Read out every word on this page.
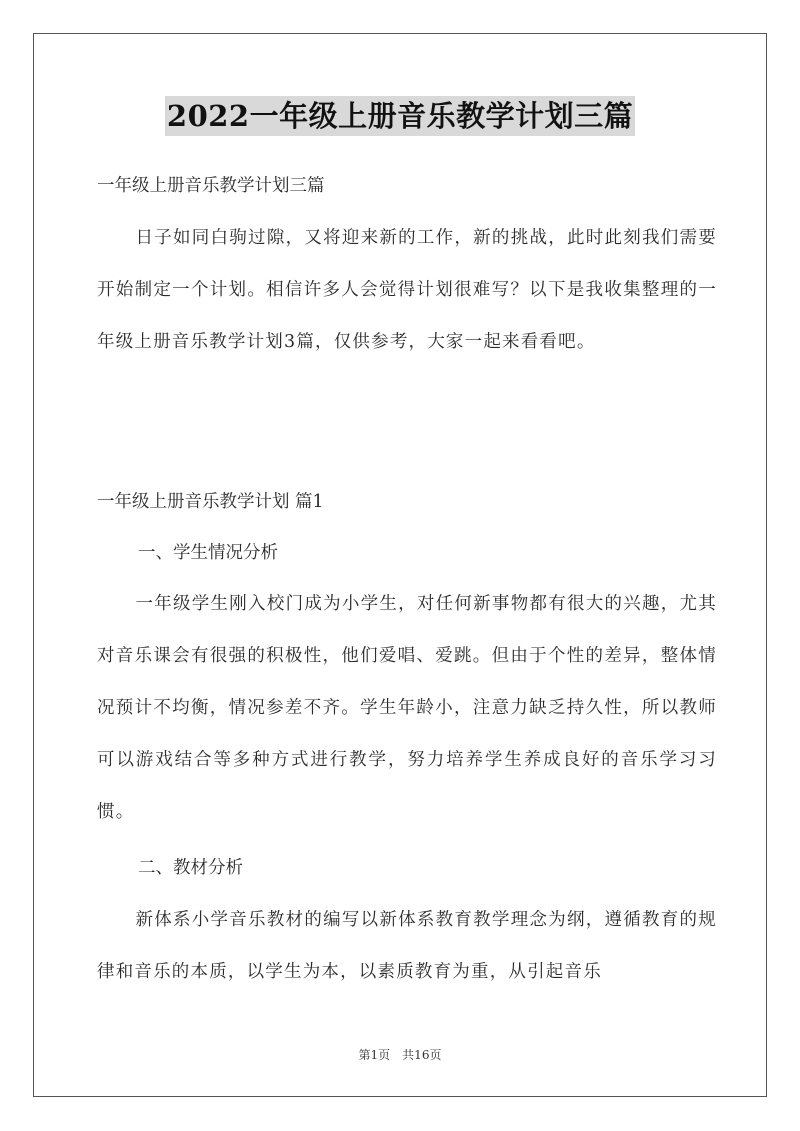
2022一年级上册音乐教学计划三篇
一年级上册音乐教学计划三篇

日子如同白驹过隙，又将迎来新的工作，新的挑战，此时此刻我们需要开始制定一个计划。相信许多人会觉得计划很难写？以下是我收集整理的一年级上册音乐教学计划3篇，仅供参考，大家一起来看看吧。

一年级上册音乐教学计划 篇1
一、学生情况分析

一年级学生刚入校门成为小学生，对任何新事物都有很大的兴趣，尤其对音乐课会有很强的积极性，他们爱唱、爱跳。但由于个性的差异，整体情况预计不均衡，情况参差不齐。学生年龄小，注意力缺乏持久性，所以教师可以游戏结合等多种方式进行教学，努力培养学生养成良好的音乐学习习惯。

二、教材分析

新体系小学音乐教材的编写以新体系教育教学理念为纲，遵循教育的规律和音乐的本质，以学生为本，以素质教育为重，从引起音乐

第1页　共16页
